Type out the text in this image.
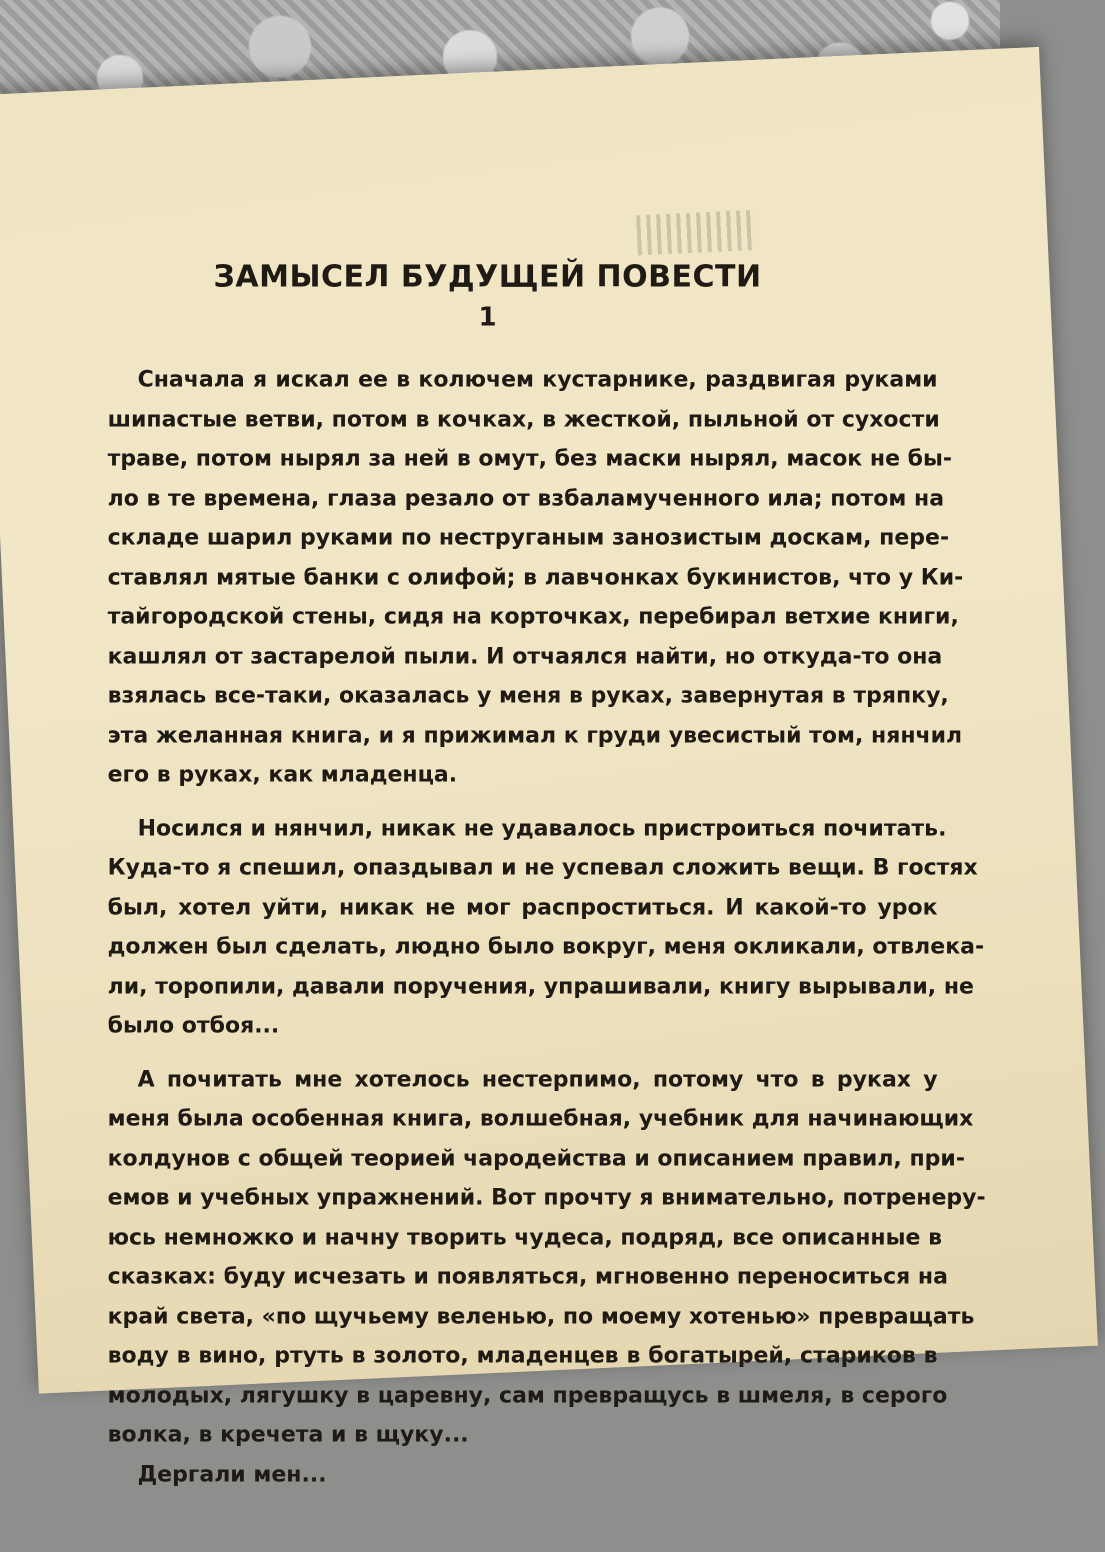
ЗАМЫСЕЛ БУДУЩЕЙ ПОВЕСТИ
1
Сначала я искал ее в колючем кустарнике, раздвигая руками
шипастые ветви, потом в кочках, в жесткой, пыльной от сухости
траве, потом нырял за ней в омут, без маски нырял, масок не бы-
ло в те времена, глаза резало от взбаламученного ила; потом на
складе шарил руками по неструганым занозистым доскам, пере-
ставлял мятые банки с олифой; в лавчонках букинистов, что у Ки-
тайгородской стены, сидя на корточках, перебирал ветхие книги,
кашлял от застарелой пыли. И отчаялся найти, но откуда-то она
взялась все-таки, оказалась у меня в руках, завернутая в тряпку,
эта желанная книга, и я прижимал к груди увесистый том, нянчил
его в руках, как младенца.
Носился и нянчил, никак не удавалось пристроиться почитать.
Куда-то я спешил, опаздывал и не успевал сложить вещи. В гостях
был, хотел уйти, никак не мог распроститься. И какой-то урок
должен был сделать, людно было вокруг, меня окликали, отвлека-
ли, торопили, давали поручения, упрашивали, книгу вырывали, не
было отбоя...
А почитать мне хотелось нестерпимо, потому что в руках у
меня была особенная книга, волшебная, учебник для начинающих
колдунов с общей теорией чародейства и описанием правил, при-
емов и учебных упражнений. Вот прочту я внимательно, потренеру-
юсь немножко и начну творить чудеса, подряд, все описанные в
сказках: буду исчезать и появляться, мгновенно переноситься на
край света, «по щучьему веленью, по моему хотенью» превращать
воду в вино, ртуть в золото, младенцев в богатырей, стариков в
молодых, лягушку в царевну, сам превращусь в шмеля, в серого
волка, в кречета и в щуку...
Дергали мен...
